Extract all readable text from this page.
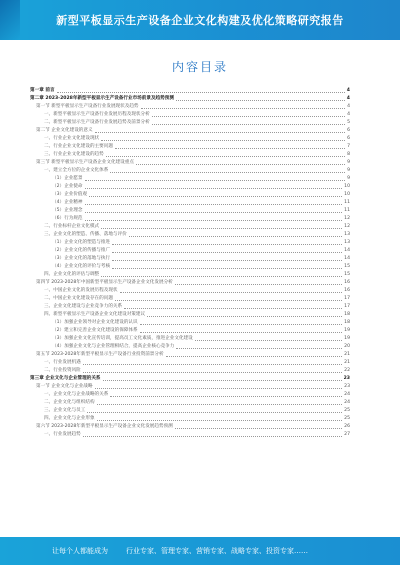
新型平板显示生产设备企业文化构建及优化策略研究报告
内容目录
第一章 前言	4
第二章 2023-2028年新型平板显示生产设备行业市场前景及趋势预测	4
第一节 新型平板显示生产设备行业发展现状及趋势	4
一、新型平板显示生产设备行业发展历程及现状分析	4
二、新型平板显示生产设备行业发展趋势及前景分析	5
第二节 企业文化建设的意义	6
一、行业企业文化建设现状	6
二、行业企业文化建设的主要问题	7
三、行业企业文化建设的趋势	8
第三节 新型平板显示生产设备企业文化建设重点	9
一、建立全方位的企业文化体系	9
（1）企业愿景	9
（2）企业使命	10
（3）企业价值观	10
（4）企业精神	11
（5）企业理念	11
（6）行为规范	12
二、行业标杆企业文化模式	12
三、企业文化的塑造、传播、落地与评价	13
（1）企业文化的塑造与推进	13
（2）企业文化的传播与推广	14
（3）企业文化的落地与执行	14
（4）企业文化的评价与考核	15
四、企业文化的评估与调整	15
第四节 2023-2028年中国新型平板显示生产设备企业文化发展分析	16
一、中国企业文化的发展历程及现状	16
二、中国企业文化建设存在的问题	17
三、企业文化建设与企业竞争力的关系	17
四、新型平板显示生产设备企业文化建设对策建议	18
（1）加强企业领导对企业文化建设的认识	18
（2）建立和完善企业文化建设的保障体系	19
（3）加强企业文化宣传培训，提高员工文化素质，推进企业文化建设	19
（4）加强企业文化与企业管理相结合，提高企业核心竞争力	20
第五节 2023-2028年新型平板显示生产设备行业投资前景分析	21
一、行业发展机遇	21
二、行业投资风险	22
第三章 企业文化与企业管理的关系	23
第一节 企业文化与企业战略	23
一、企业文化与企业战略的关系	24
二、企业文化与组织结构	24
三、企业文化与员工	25
四、企业文化与企业形象	25
第六节 2023-2028年新型平板显示生产设备企业文化发展趋势预测	26
一、行业发展趋势	27
让每个人都能成为	行业专家、管理专家、营销专家、战略专家、投资专家……
